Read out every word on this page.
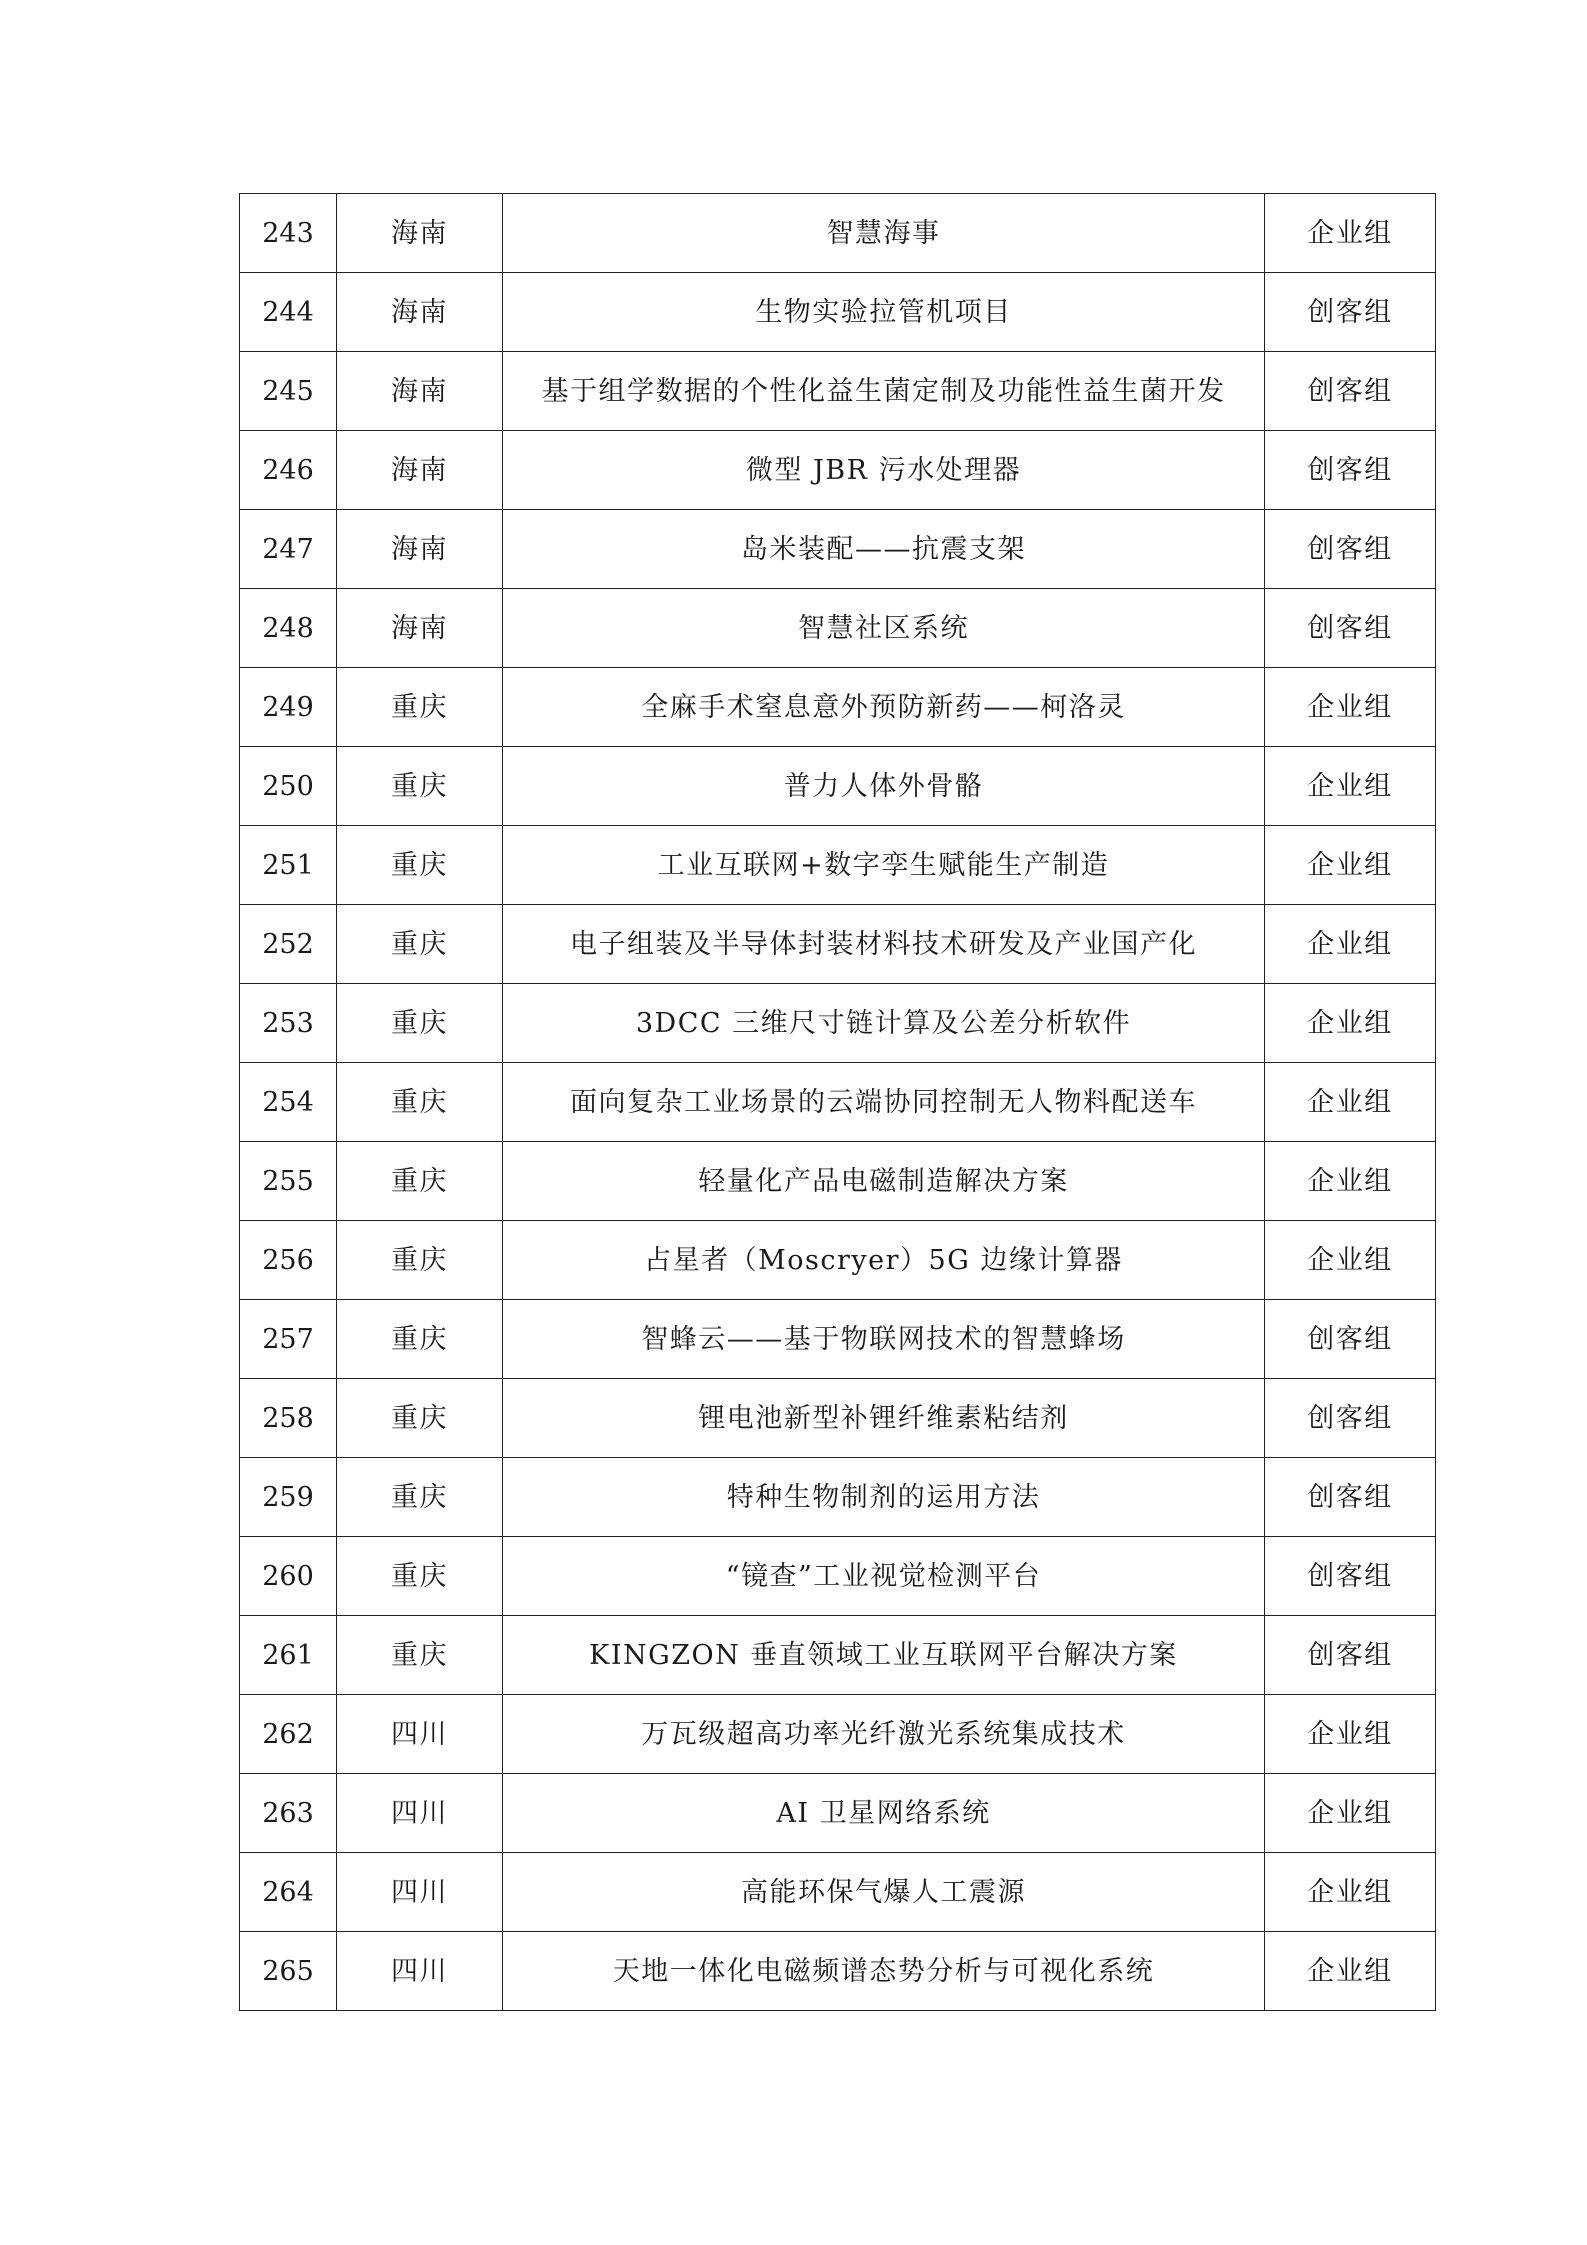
243	海南	智慧海事	企业组
244	海南	生物实验拉管机项目	创客组
245	海南	基于组学数据的个性化益生菌定制及功能性益生菌开发	创客组
246	海南	微型 JBR 污水处理器	创客组
247	海南	岛米装配——抗震支架	创客组
248	海南	智慧社区系统	创客组
249	重庆	全麻手术窒息意外预防新药——柯洛灵	企业组
250	重庆	普力人体外骨骼	企业组
251	重庆	工业互联网+数字孪生赋能生产制造	企业组
252	重庆	电子组装及半导体封装材料技术研发及产业国产化	企业组
253	重庆	3DCC 三维尺寸链计算及公差分析软件	企业组
254	重庆	面向复杂工业场景的云端协同控制无人物料配送车	企业组
255	重庆	轻量化产品电磁制造解决方案	企业组
256	重庆	占星者（Moscryer）5G 边缘计算器	企业组
257	重庆	智蜂云——基于物联网技术的智慧蜂场	创客组
258	重庆	锂电池新型补锂纤维素粘结剂	创客组
259	重庆	特种生物制剂的运用方法	创客组
260	重庆	“镜查”工业视觉检测平台	创客组
261	重庆	KINGZON 垂直领域工业互联网平台解决方案	创客组
262	四川	万瓦级超高功率光纤激光系统集成技术	企业组
263	四川	AI 卫星网络系统	企业组
264	四川	高能环保气爆人工震源	企业组
265	四川	天地一体化电磁频谱态势分析与可视化系统	企业组
